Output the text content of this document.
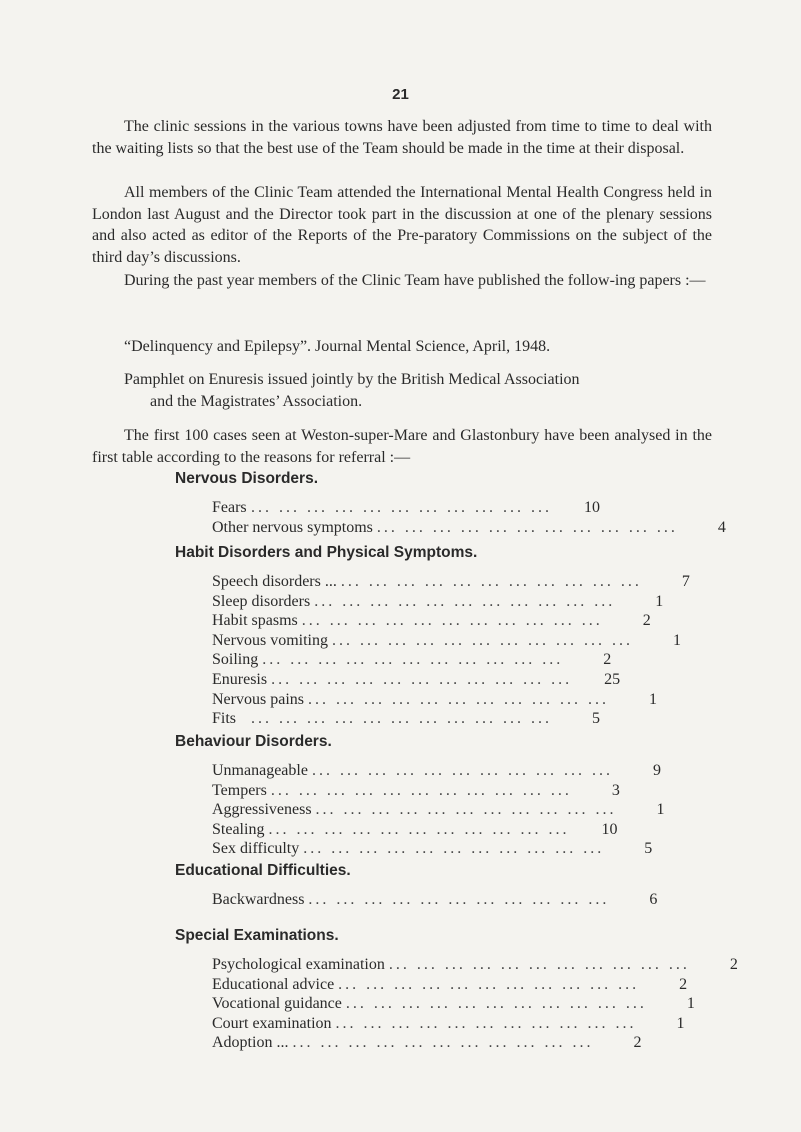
21

The clinic sessions in the various towns have been adjusted from time to time to deal with the waiting lists so that the best use of the Team should be made in the time at their disposal.

All members of the Clinic Team attended the International Mental Health Congress held in London last August and the Director took part in the discussion at one of the plenary sessions and also acted as editor of the Reports of the Pre-paratory Commissions on the subject of the third day’s discussions.

During the past year members of the Clinic Team have published the follow-ing papers :—

“Delinquency and Epilepsy”. Journal Mental Science, April, 1948.

Pamphlet on Enuresis issued jointly by the British Medical Association
and the Magistrates’ Association.

The first 100 cases seen at Weston-super-Mare and Glastonbury have been analysed in the first table according to the reasons for referral :—

Nervous Disorders.

Fears ... ... ... ... ... ... ... ... ... ... ...	10
Other nervous symptoms ... ... ... ... ... ... ... ... ... ... ...	4

Habit Disorders and Physical Symptoms.

Speech disorders ... ... ... ... ... ... ... ... ... ... ... ...	7
Sleep disorders ... ... ... ... ... ... ... ... ... ... ...	1
Habit spasms ... ... ... ... ... ... ... ... ... ... ...	2
Nervous vomiting ... ... ... ... ... ... ... ... ... ... ...	1
Soiling ... ... ... ... ... ... ... ... ... ... ...	2
Enuresis ... ... ... ... ... ... ... ... ... ... ...	25
Nervous pains ... ... ... ... ... ... ... ... ... ... ...	1
Fits ... ... ... ... ... ... ... ... ... ... ...	5

Behaviour Disorders.

Unmanageable ... ... ... ... ... ... ... ... ... ... ...	9
Tempers ... ... ... ... ... ... ... ... ... ... ...	3
Aggressiveness ... ... ... ... ... ... ... ... ... ... ...	1
Stealing ... ... ... ... ... ... ... ... ... ... ...	10
Sex difficulty ... ... ... ... ... ... ... ... ... ... ...	5

Educational Difficulties.

Backwardness ... ... ... ... ... ... ... ... ... ... ...	6

Special Examinations.

Psychological examination ... ... ... ... ... ... ... ... ... ... ...	2
Educational advice ... ... ... ... ... ... ... ... ... ... ...	2
Vocational guidance ... ... ... ... ... ... ... ... ... ... ...	1
Court examination ... ... ... ... ... ... ... ... ... ... ...	1
Adoption ... ... ... ... ... ... ... ... ... ... ... ...	2
